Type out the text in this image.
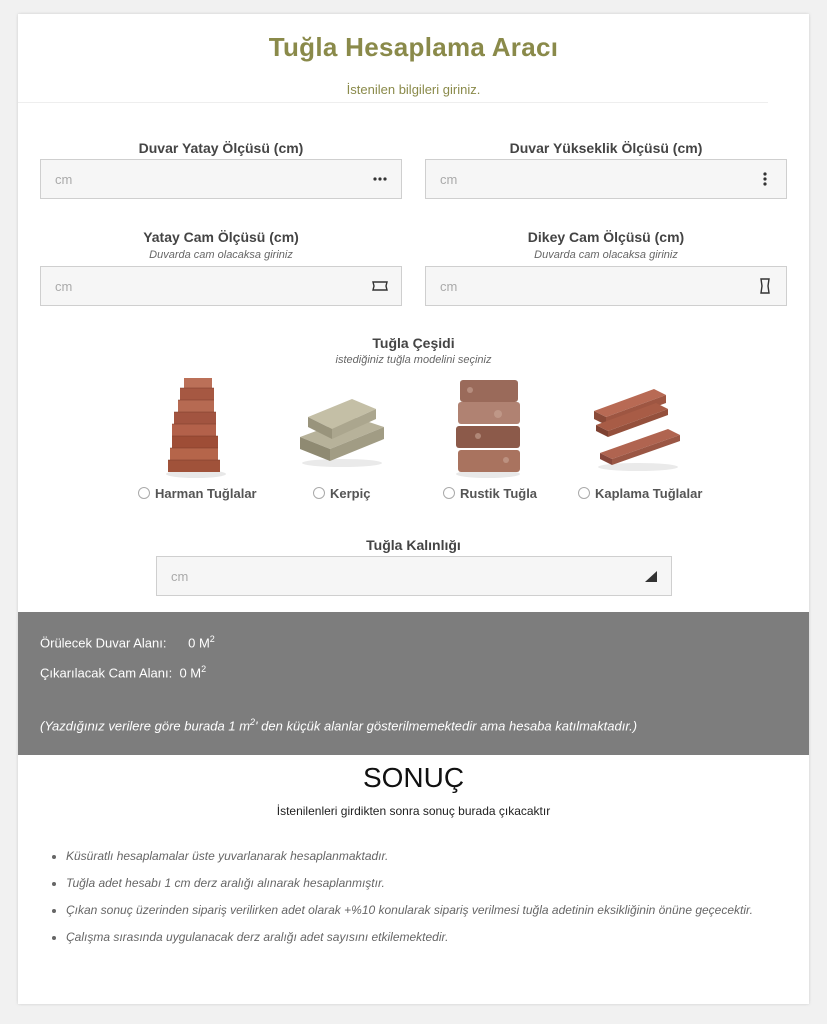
Tuğla Hesaplama Aracı
İstenilen bilgileri giriniz.
Duvar Yatay Ölçüsü (cm)
cm
Duvar Yükseklik Ölçüsü (cm)
cm
Yatay Cam Ölçüsü (cm)
Duvarda cam olacaksa giriniz
cm
Dikey Cam Ölçüsü (cm)
Duvarda cam olacaksa giriniz
cm
Tuğla Çeşidi
istediğiniz tuğla modelini seçiniz
Harman Tuğlalar	Kerpiç	Rustik Tuğla	Kaplama Tuğlalar
Tuğla Kalınlığı
cm
Örülecek Duvar Alanı: 0 $M^2$
Çıkarılacak Cam Alanı: 0 $M^2$
(Yazdığınız verilere göre burada 1 $m^2'$ den küçük alanlar gösterilmemektedir ama hesaba katılmaktadır.)
SONUÇ
İstenilenleri girdikten sonra sonuç burada çıkacaktır
• Küsüratlı hesaplamalar üste yuvarlanarak hesaplanmaktadır.
• Tuğla adet hesabı 1 cm derz aralığı alınarak hesaplanmıştır.
• Çıkan sonuç üzerinden sipariş verilirken adet olarak +%10 konularak sipariş verilmesi tuğla adetinin eksikliğinin önüne geçecektir.
• Çalışma sırasında uygulanacak derz aralığı adet sayısını etkilemektedir.
